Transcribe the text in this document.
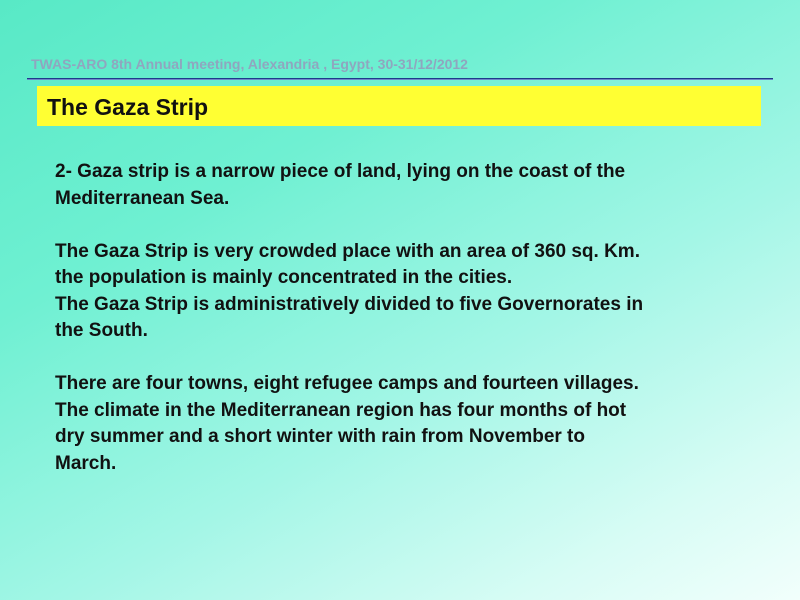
TWAS-ARO 8th Annual meeting, Alexandria , Egypt, 30-31/12/2012
The Gaza Strip
2- Gaza strip is a narrow piece of land, lying on the coast of the
Mediterranean Sea.
The Gaza Strip is very crowded place with an area of 360 sq. Km.
the population is mainly concentrated in the cities.
The Gaza Strip is administratively divided to five Governorates in
the South.
There are four towns, eight refugee camps and fourteen villages.
The climate in the Mediterranean region has four months of hot
dry summer and a short winter with rain from November to
March.
